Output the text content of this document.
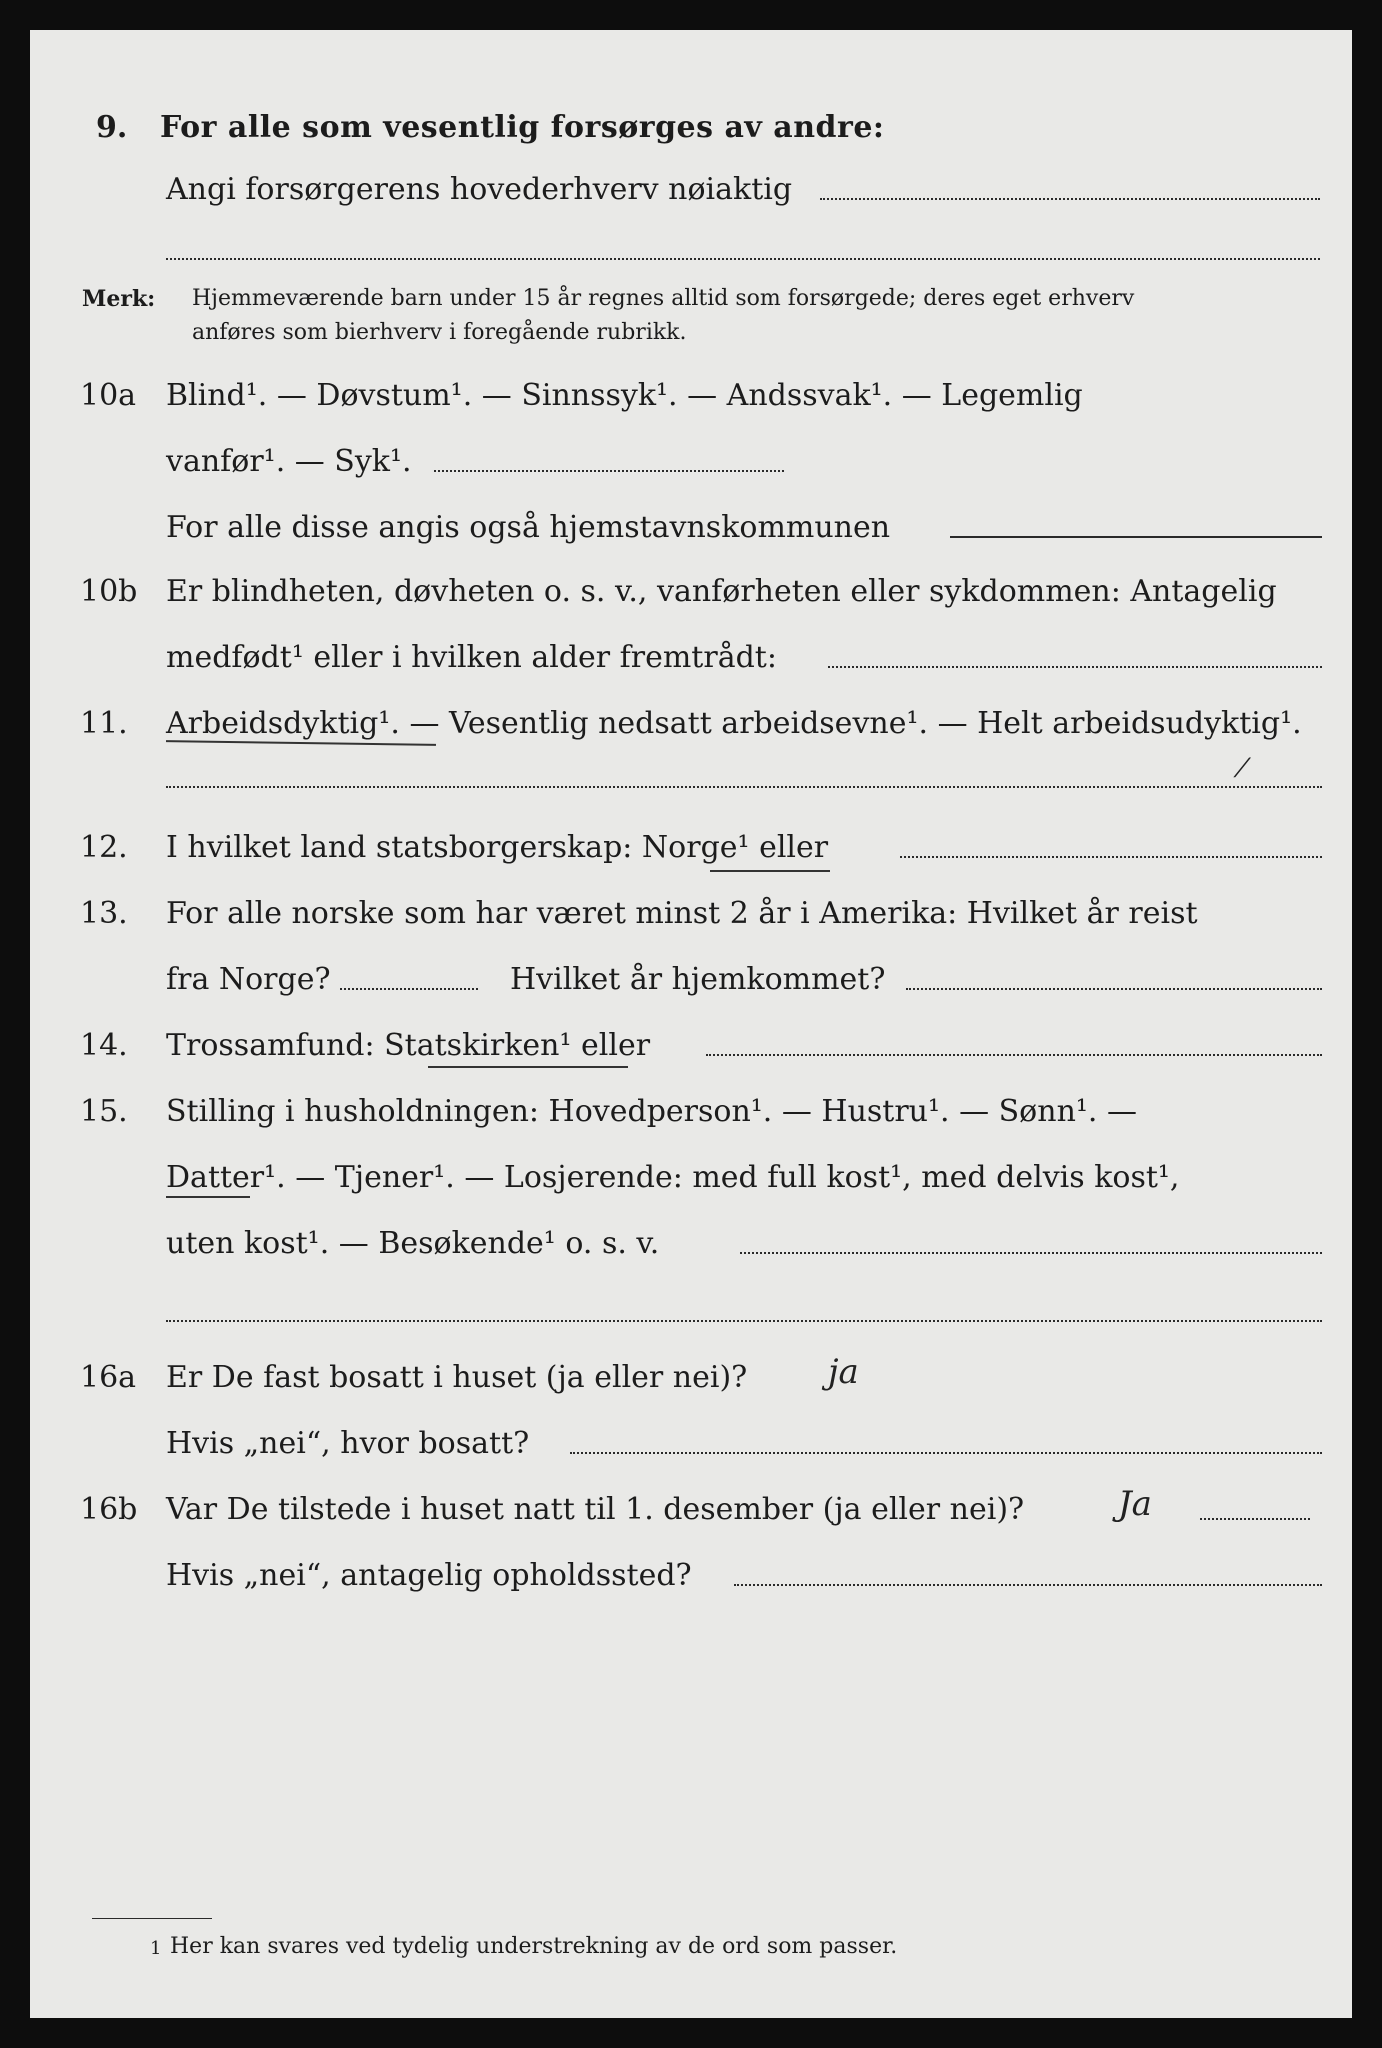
9. For alle som vesentlig forsørges av andre:
Angi forsørgerens hovederhverv nøiaktig
Merk: Hjemmeværende barn under 15 år regnes alltid som forsørgede; deres eget erhverv
anføres som bierhverv i foregående rubrikk.
10a Blind¹. — Døvstum¹. — Sinnssyk¹. — Andssvak¹. — Legemlig
vanfør¹. — Syk¹.
For alle disse angis også hjemstavnskommunen
10b Er blindheten, døvheten o. s. v., vanførheten eller sykdommen: Antagelig
medfødt¹ eller i hvilken alder fremtrådt:
11. Arbeidsdyktig¹. — Vesentlig nedsatt arbeidsevne¹. — Helt arbeidsudyktig¹.
⁄
12. I hvilket land statsborgerskap: Norge¹ eller
13. For alle norske som har været minst 2 år i Amerika: Hvilket år reist
fra Norge?	Hvilket år hjemkommet?
14. Trossamfund: Statskirken¹ eller
15. Stilling i husholdningen: Hovedperson¹. — Hustru¹. — Sønn¹. —
Datter¹. — Tjener¹. — Losjerende: med full kost¹, med delvis kost¹,
uten kost¹. — Besøkende¹ o. s. v.
16a Er De fast bosatt i huset (ja eller nei)? ja
Hvis „nei“, hvor bosatt?
16b Var De tilstede i huset natt til 1. desember (ja eller nei)?	Ja
Hvis „nei“, antagelig opholdssted?
1 Her kan svares ved tydelig understrekning av de ord som passer.
